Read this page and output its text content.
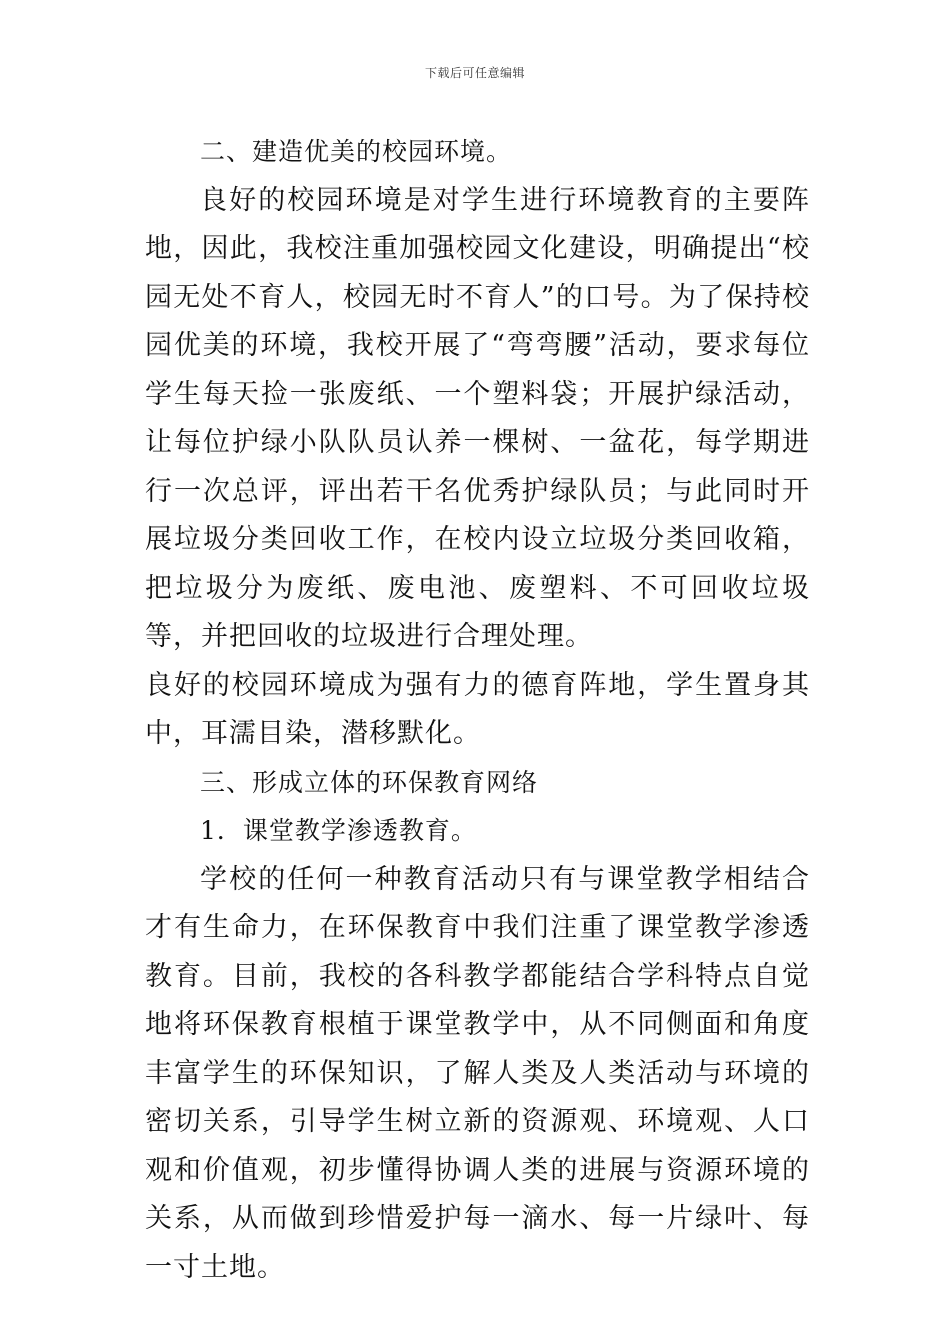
下载后可任意编辑

二、建造优美的校园环境。

良好的校园环境是对学生进行环境教育的主要阵地，因此，我校注重加强校园文化建设，明确提出“校园无处不育人，校园无时不育人”的口号。为了保持校园优美的环境，我校开展了“弯弯腰”活动，要求每位学生每天捡一张废纸、一个塑料袋；开展护绿活动，让每位护绿小队队员认养一棵树、一盆花，每学期进行一次总评，评出若干名优秀护绿队员；与此同时开展垃圾分类回收工作，在校内设立垃圾分类回收箱，把垃圾分为废纸、废电池、废塑料、不可回收垃圾等，并把回收的垃圾进行合理处理。

良好的校园环境成为强有力的德育阵地，学生置身其中，耳濡目染，潜移默化。

三、形成立体的环保教育网络

1．课堂教学渗透教育。

学校的任何一种教育活动只有与课堂教学相结合才有生命力，在环保教育中我们注重了课堂教学渗透教育。目前，我校的各科教学都能结合学科特点自觉地将环保教育根植于课堂教学中，从不同侧面和角度丰富学生的环保知识，了解人类及人类活动与环境的密切关系，引导学生树立新的资源观、环境观、人口观和价值观，初步懂得协调人类的进展与资源环境的关系，从而做到珍惜爱护每一滴水、每一片绿叶、每一寸土地。
